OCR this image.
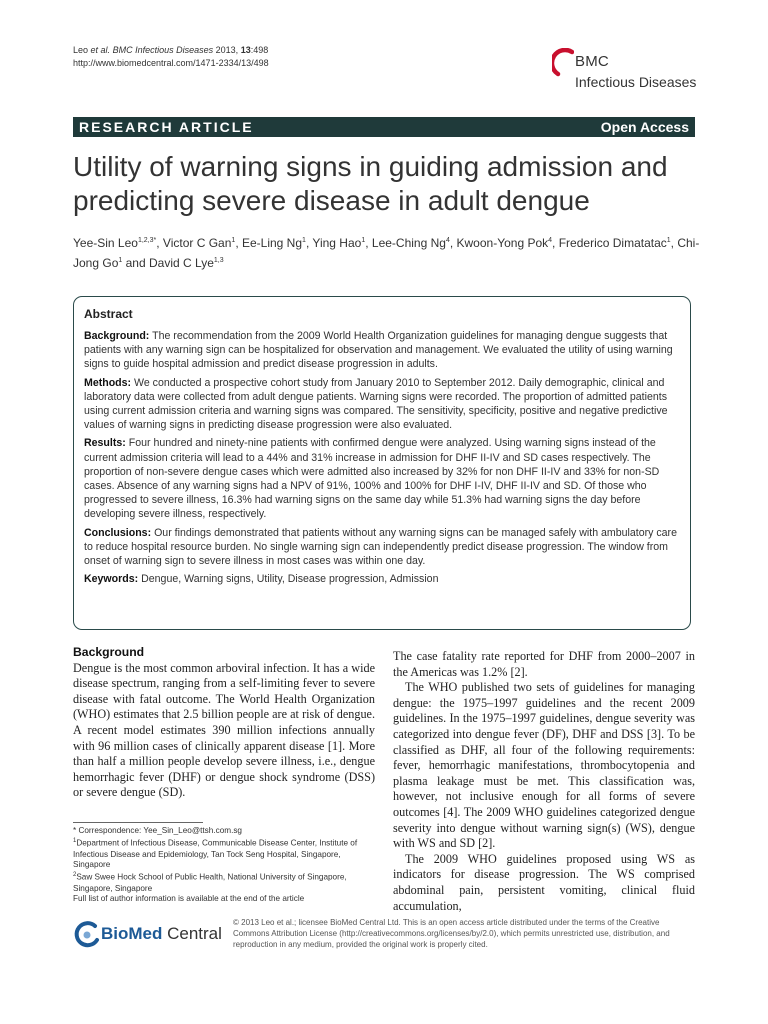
Leo et al. BMC Infectious Diseases 2013, 13:498
http://www.biomedcentral.com/1471-2334/13/498	BMC
Infectious Diseases
RESEARCH ARTICLE	Open Access
Utility of warning signs in guiding admission and predicting severe disease in adult dengue
Yee-Sin Leo$^{1,2,3*}$, Victor C Gan$^1$, Ee-Ling Ng$^1$, Ying Hao$^1$, Lee-Ching Ng$^4$, Kwoon-Yong Pok$^4$, Frederico Dimatatac$^1$, Chi-Jong Go$^1$ and David C Lye$^{1,3}$
Abstract

Background: The recommendation from the 2009 World Health Organization guidelines for managing dengue suggests that patients with any warning sign can be hospitalized for observation and management. We evaluated the utility of using warning signs to guide hospital admission and predict disease progression in adults.

Methods: We conducted a prospective cohort study from January 2010 to September 2012. Daily demographic, clinical and laboratory data were collected from adult dengue patients. Warning signs were recorded. The proportion of admitted patients using current admission criteria and warning signs was compared. The sensitivity, specificity, positive and negative predictive values of warning signs in predicting disease progression were also evaluated.

Results: Four hundred and ninety-nine patients with confirmed dengue were analyzed. Using warning signs instead of the current admission criteria will lead to a 44% and 31% increase in admission for DHF II-IV and SD cases respectively. The proportion of non-severe dengue cases which were admitted also increased by 32% for non DHF II-IV and 33% for non-SD cases. Absence of any warning signs had a NPV of 91%, 100% and 100% for DHF I-IV, DHF II-IV and SD. Of those who progressed to severe illness, 16.3% had warning signs on the same day while 51.3% had warning signs the day before developing severe illness, respectively.

Conclusions: Our findings demonstrated that patients without any warning signs can be managed safely with ambulatory care to reduce hospital resource burden. No single warning sign can independently predict disease progression. The window from onset of warning sign to severe illness in most cases was within one day.

Keywords: Dengue, Warning signs, Utility, Disease progression, Admission

Background

Dengue is the most common arboviral infection. It has a wide disease spectrum, ranging from a self-limiting fever to severe disease with fatal outcome. The World Health Organization (WHO) estimates that 2.5 billion people are at risk of dengue. A recent model estimates 390 million infections annually with 96 million cases of clinically apparent disease [1]. More than half a million people develop severe illness, i.e., dengue hemorrhagic fever (DHF) or dengue shock syndrome (DSS) or severe dengue (SD).

The case fatality rate reported for DHF from 2000–2007 in the Americas was 1.2% [2].

The WHO published two sets of guidelines for managing dengue: the 1975–1997 guidelines and the recent 2009 guidelines. In the 1975–1997 guidelines, dengue severity was categorized into dengue fever (DF), DHF and DSS [3]. To be classified as DHF, all four of the following requirements: fever, hemorrhagic manifestations, thrombocytopenia and plasma leakage must be met. This classification was, however, not inclusive enough for all forms of severe outcomes [4]. The 2009 WHO guidelines categorized dengue severity into dengue without warning sign(s) (WS), dengue with WS and SD [2].

The 2009 WHO guidelines proposed using WS as indicators for disease progression. The WS comprised abdominal pain, persistent vomiting, clinical fluid accumulation,

* Correspondence: Yee_Sin_Leo@ttsh.com.sg

$^1$Department of Infectious Disease, Communicable Disease Center, Institute of Infectious Disease and Epidemiology, Tan Tock Seng Hospital, Singapore, Singapore

$^2$Saw Swee Hock School of Public Health, National University of Singapore, Singapore, Singapore

Full list of author information is available at the end of the article

BioMed Central
© 2013 Leo et al.; licensee BioMed Central Ltd. This is an open access article distributed under the terms of the Creative Commons Attribution License (http://creativecommons.org/licenses/by/2.0), which permits unrestricted use, distribution, and reproduction in any medium, provided the original work is properly cited.
